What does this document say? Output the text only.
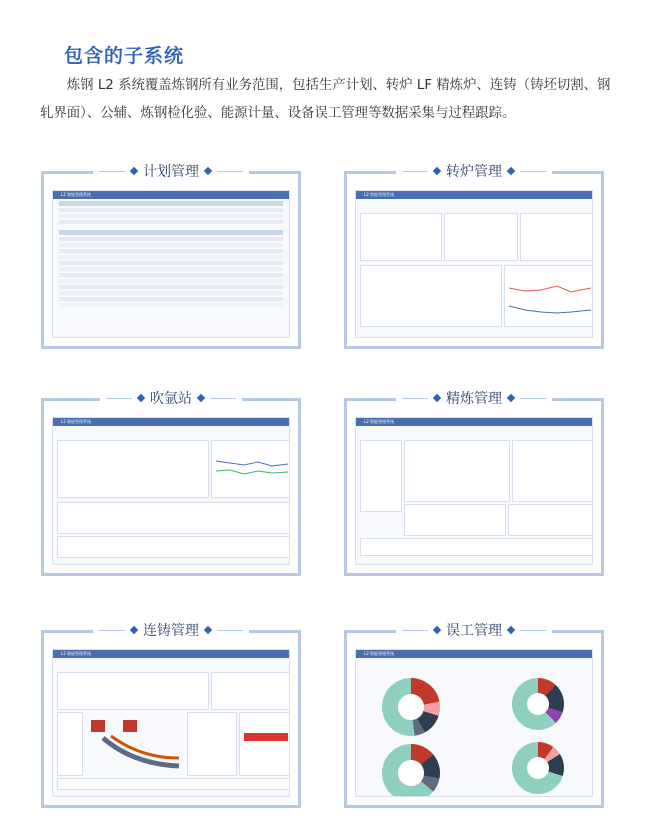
包含的子系统

炼钢 L2 系统覆盖炼钢所有业务范围，包括生产计划、转炉 LF 精炼炉、连铸（铸坯切割、钢轧界面）、公辅、炼钢检化验、能源计量、设备误工管理等数据采集与过程跟踪。

计划管理
L2 智能管理系统
转炉管理
L2 智能管理系统
吹氩站
L2 智能管理系统
精炼管理
L2 智能管理系统
连铸管理
L2 智能管理系统
误工管理
L2 智能管理系统
